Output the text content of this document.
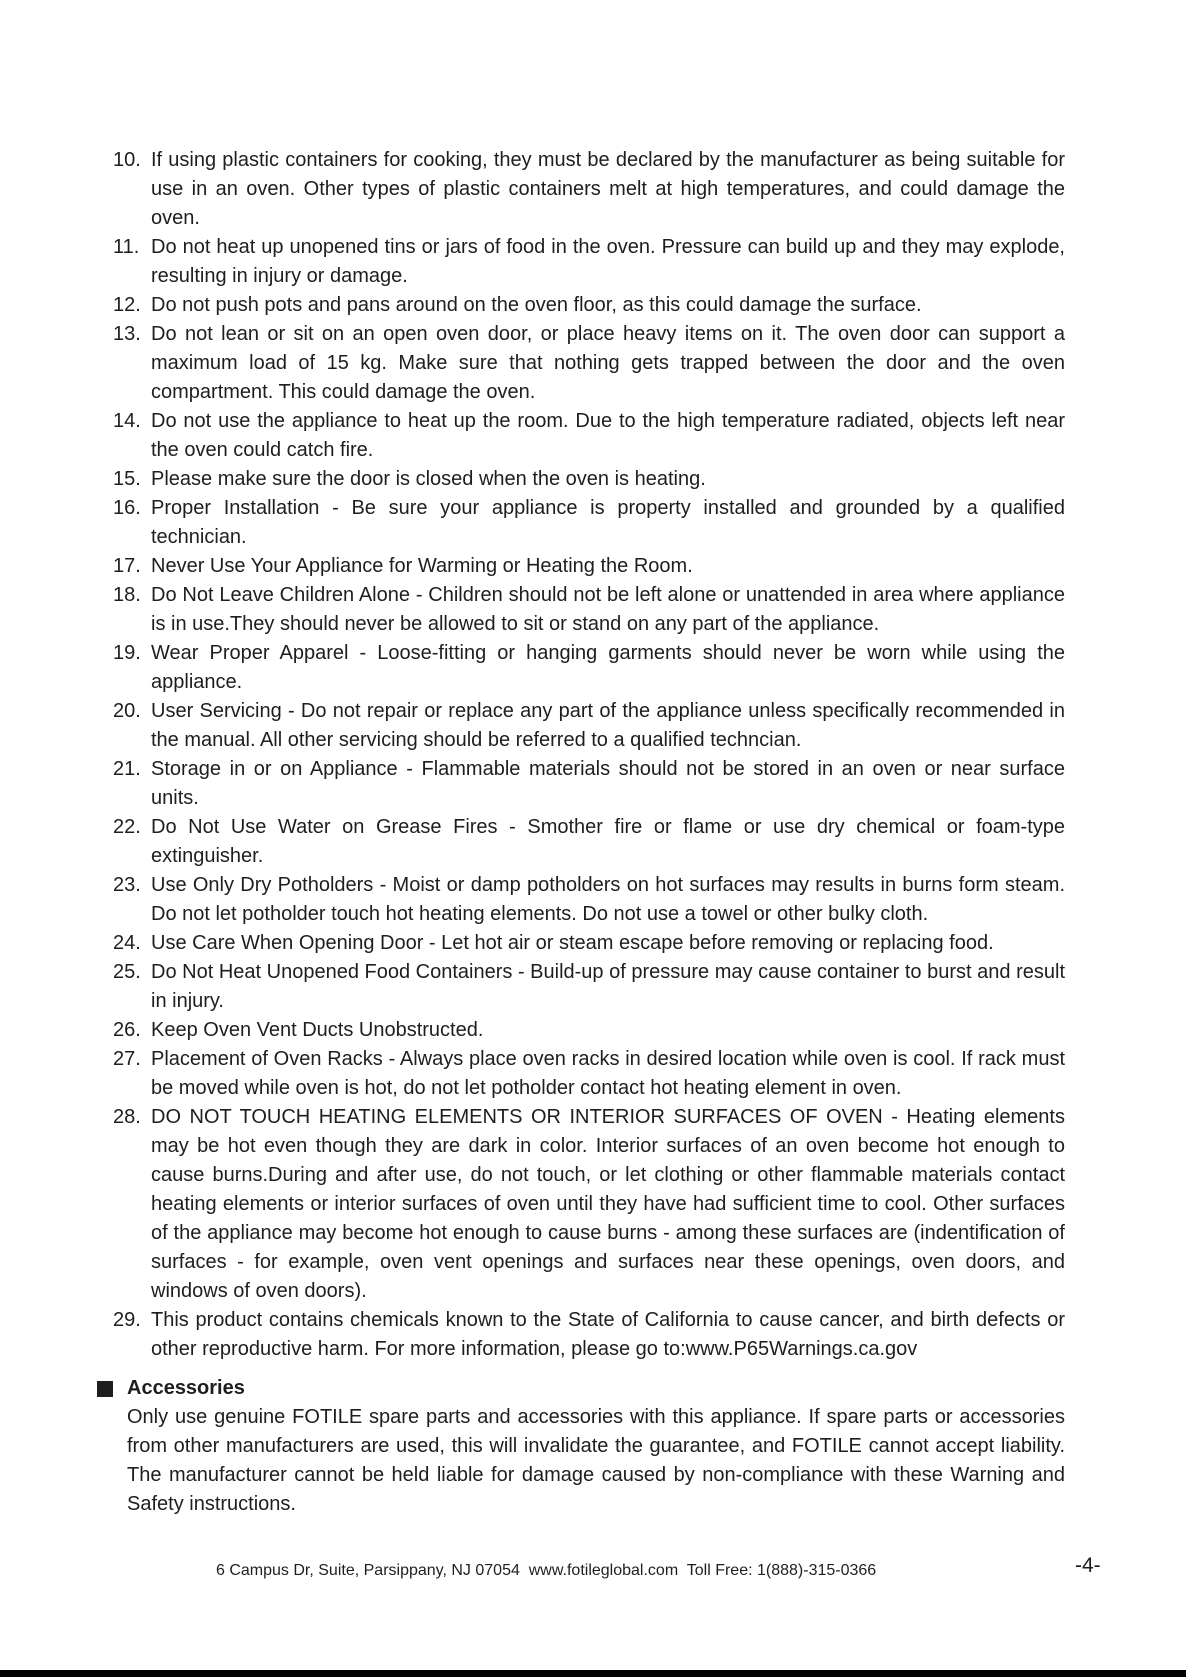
10. If using plastic containers for cooking, they must be declared by the manufacturer as being suitable for use in an oven. Other types of plastic containers melt at high temperatures, and could damage the oven.
11. Do not heat up unopened tins or jars of food in the oven. Pressure can build up and they may explode, resulting in injury or damage.
12. Do not push pots and pans around on the oven floor, as this could damage the surface.
13. Do not lean or sit on an open oven door, or place heavy items on it. The oven door can support a maximum load of 15 kg. Make sure that nothing gets trapped between the door and the oven compartment. This could damage the oven.
14. Do not use the appliance to heat up the room. Due to the high temperature radiated, objects left near the oven could catch fire.
15. Please make sure the door is closed when the oven is heating.
16. Proper Installation - Be sure your appliance is property installed and grounded by a qualified technician.
17. Never Use Your Appliance for Warming or Heating the Room.
18. Do Not Leave Children Alone - Children should not be left alone or unattended in area where appliance is in use.They should never be allowed to sit or stand on any part of the appliance.
19. Wear Proper Apparel - Loose-fitting or hanging garments should never be worn while using the appliance.
20. User Servicing - Do not repair or replace any part of the appliance unless specifically recommended in the manual. All other servicing should be referred to a qualified techncian.
21. Storage in or on Appliance - Flammable materials should not be stored in an oven or near surface units.
22. Do Not Use Water on Grease Fires - Smother fire or flame or use dry chemical or foam-type extinguisher.
23. Use Only Dry Potholders - Moist or damp potholders on hot surfaces may results in burns form steam. Do not let potholder touch hot heating elements. Do not use a towel or other bulky cloth.
24. Use Care When Opening Door - Let hot air or steam escape before removing or replacing food.
25. Do Not Heat Unopened Food Containers - Build-up of pressure may cause container to burst and result in injury.
26. Keep Oven Vent Ducts Unobstructed.
27. Placement of Oven Racks - Always place oven racks in desired location while oven is cool. If rack must be moved while oven is hot, do not let potholder contact hot heating element in oven.
28. DO NOT TOUCH HEATING ELEMENTS OR INTERIOR SURFACES OF OVEN - Heating elements may be hot even though they are dark in color. Interior surfaces of an oven become hot enough to cause burns.During and after use, do not touch, or let clothing or other flammable materials contact heating elements or interior surfaces of oven until they have had sufficient time to cool. Other surfaces of the appliance may become hot enough to cause burns - among these surfaces are (indentification of surfaces - for example, oven vent openings and surfaces near these openings, oven doors, and windows of oven doors).
29. This product contains chemicals known to the State of California to cause cancer, and birth defects or other reproductive harm. For more information, please go to:www.P65Warnings.ca.gov
Accessories
Only use genuine FOTILE spare parts and accessories with this appliance. If spare parts or accessories from other manufacturers are used, this will invalidate the guarantee, and FOTILE cannot accept liability. The manufacturer cannot be held liable for damage caused by non-compliance with these Warning and Safety instructions.
6 Campus Dr, Suite, Parsippany, NJ 07054  www.fotileglobal.com  Toll Free: 1(888)-315-0366	-4-
